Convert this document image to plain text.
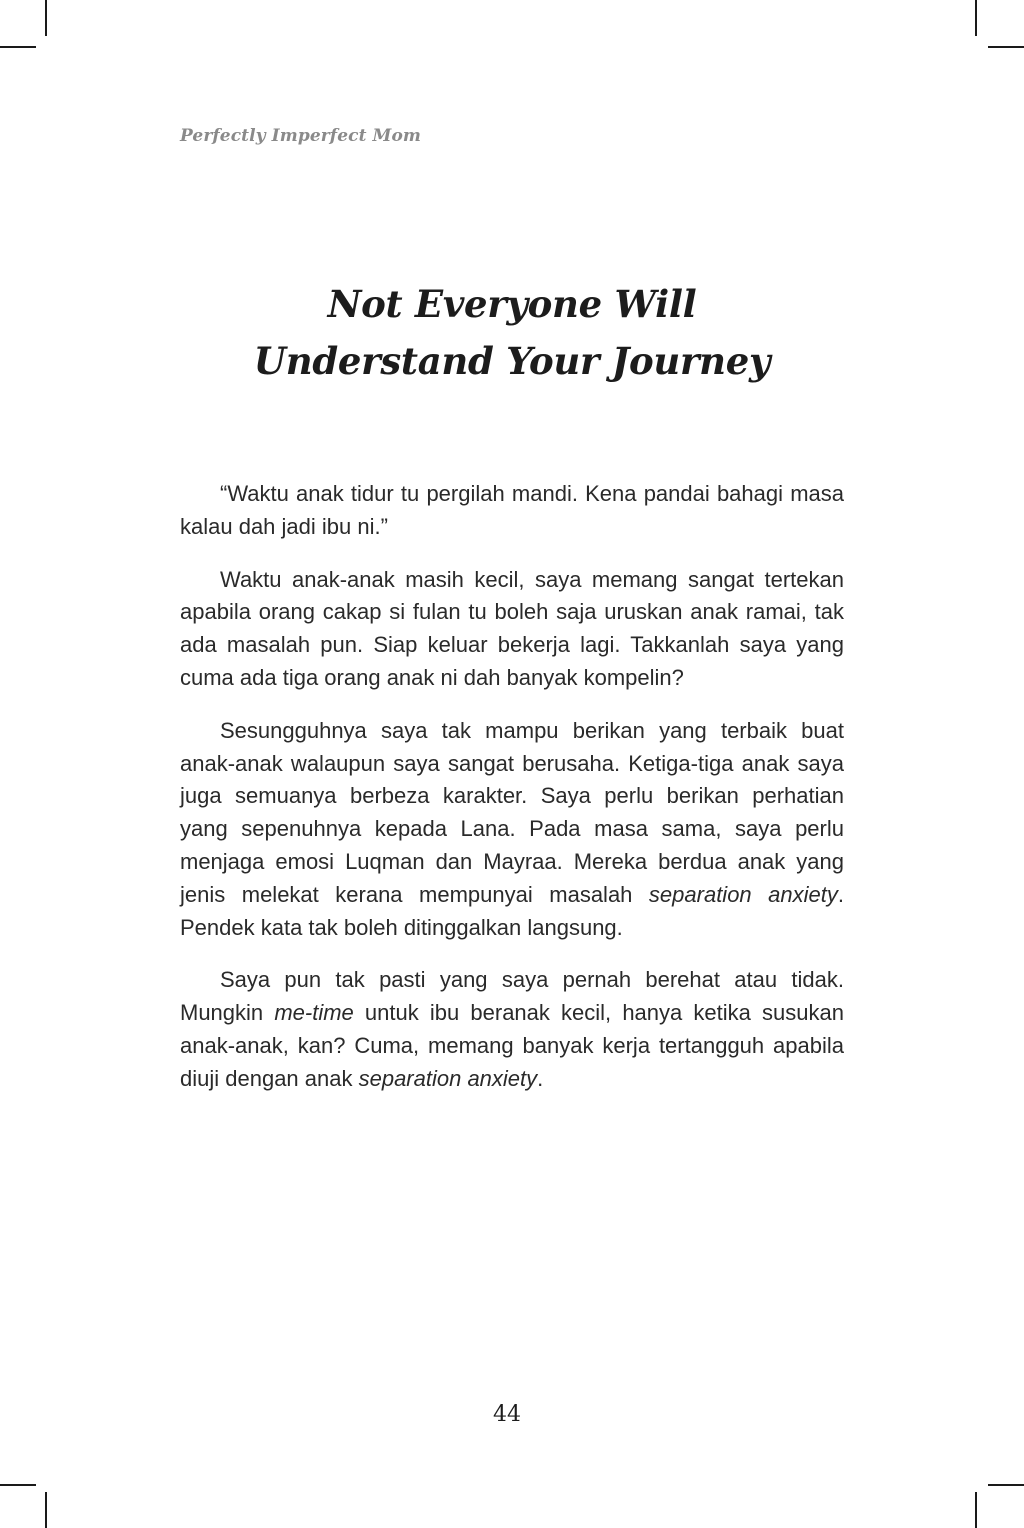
Perfectly Imperfect Mom
Not Everyone Will
Understand Your Journey

“Waktu anak tidur tu pergilah mandi. Kena pandai bahagi masa kalau dah jadi ibu ni.”

Waktu anak-anak masih kecil, saya memang sangat tertekan apabila orang cakap si fulan tu boleh saja uruskan anak ramai, tak ada masalah pun. Siap keluar bekerja lagi. Takkanlah saya yang cuma ada tiga orang anak ni dah banyak kompelin?

Sesungguhnya saya tak mampu berikan yang terbaik buat anak-anak walaupun saya sangat berusaha. Ketiga-tiga anak saya juga semuanya berbeza karakter. Saya perlu berikan perhatian yang sepenuhnya kepada Lana. Pada masa sama, saya perlu menjaga emosi Luqman dan Mayraa. Mereka berdua anak yang jenis melekat kerana mempunyai masalah separation anxiety. Pendek kata tak boleh ditinggalkan langsung.

Saya pun tak pasti yang saya pernah berehat atau tidak. Mungkin me-time untuk ibu beranak kecil, hanya ketika susukan anak-anak, kan? Cuma, memang banyak kerja tertangguh apabila diuji dengan anak separation anxiety.

44
